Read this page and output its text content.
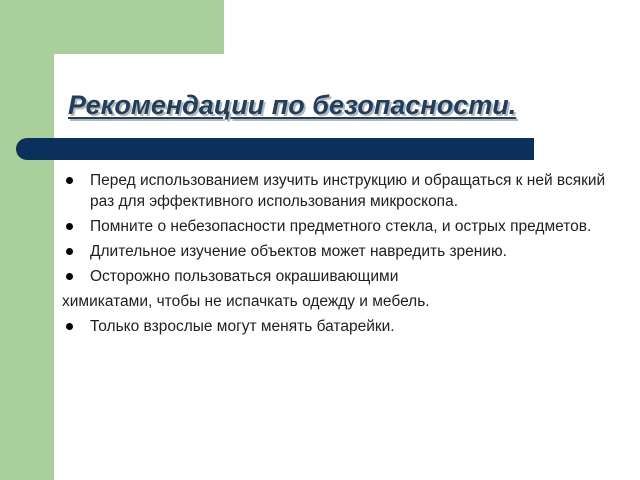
Рекомендации по безопасности.
Перед использованием изучить инструкцию и обращаться к ней всякий раз для эффективного использования микроскопа.
Помните о небезопасности предметного стекла, и острых предметов.
Длительное изучение объектов может навредить зрению.
Осторожно пользоваться окрашивающими
химикатами, чтобы не испачкать одежду и мебель.
Только взрослые могут менять батарейки.
